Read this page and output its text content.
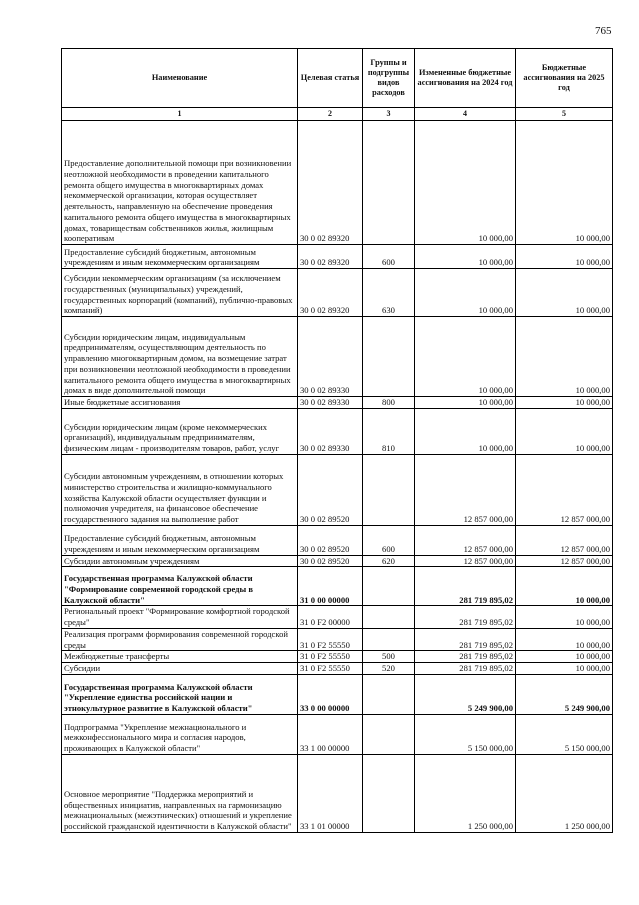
765
Наименование	Целевая статья	Группы и подгруппы видов расходов	Измененные бюджетные ассигнования на 2024 год	Бюджетные ассигнования на 2025 год
1	2	3	4	5
Предоставление дополнительной помощи при возникновении неотложной необходимости в проведении капитального ремонта общего имущества в многоквартирных домах некоммерческой организации, которая осуществляет деятельность, направленную на обеспечение проведения капитального ремонта общего имущества в многоквартирных домах, товариществам собственников жилья, жилищным кооперативам	30 0 02 89320		10 000,00	10 000,00
Предоставление субсидий бюджетным, автономным учреждениям и иным некоммерческим организациям	30 0 02 89320	600	10 000,00	10 000,00
Субсидии некоммерческим организациям (за исключением государственных (муниципальных) учреждений, государственных корпораций (компаний), публично-правовых компаний)	30 0 02 89320	630	10 000,00	10 000,00
Субсидии юридическим лицам, индивидуальным предпринимателям, осуществляющим деятельность по управлению многоквартирным домом, на возмещение затрат при возникновении неотложной необходимости в проведении капитального ремонта общего имущества в многоквартирных домах в виде дополнительной помощи	30 0 02 89330		10 000,00	10 000,00
Иные бюджетные ассигнования	30 0 02 89330	800	10 000,00	10 000,00
Субсидии юридическим лицам (кроме некоммерческих организаций), индивидуальным предпринимателям, физическим лицам - производителям товаров, работ, услуг	30 0 02 89330	810	10 000,00	10 000,00
Субсидии автономным учреждениям, в отношении которых министерство строительства и жилищно-коммунального хозяйства Калужской области осуществляет функции и полномочия учредителя, на финансовое обеспечение государственного задания на выполнение работ	30 0 02 89520		12 857 000,00	12 857 000,00
Предоставление субсидий бюджетным, автономным учреждениям и иным некоммерческим организациям	30 0 02 89520	600	12 857 000,00	12 857 000,00
Субсидии автономным учреждениям	30 0 02 89520	620	12 857 000,00	12 857 000,00
Государственная программа Калужской области "Формирование современной городской среды в Калужской области"	31 0 00 00000		281 719 895,02	10 000,00
Региональный проект "Формирование комфортной городской среды"	31 0 F2 00000		281 719 895,02	10 000,00
Реализация программ формирования современной городской среды	31 0 F2 55550		281 719 895,02	10 000,00
Межбюджетные трансферты	31 0 F2 55550	500	281 719 895,02	10 000,00
Субсидии	31 0 F2 55550	520	281 719 895,02	10 000,00
Государственная программа Калужской области "Укрепление единства российской нации и этнокультурное развитие в Калужской области"	33 0 00 00000		5 249 900,00	5 249 900,00
Подпрограмма "Укрепление межнационального и межконфессионального мира и согласия народов, проживающих в Калужской области"	33 1 00 00000		5 150 000,00	5 150 000,00
Основное мероприятие "Поддержка мероприятий и общественных инициатив, направленных на гармонизацию межнациональных (межэтнических) отношений и укрепление российской гражданской идентичности в Калужской области"	33 1 01 00000		1 250 000,00	1 250 000,00
